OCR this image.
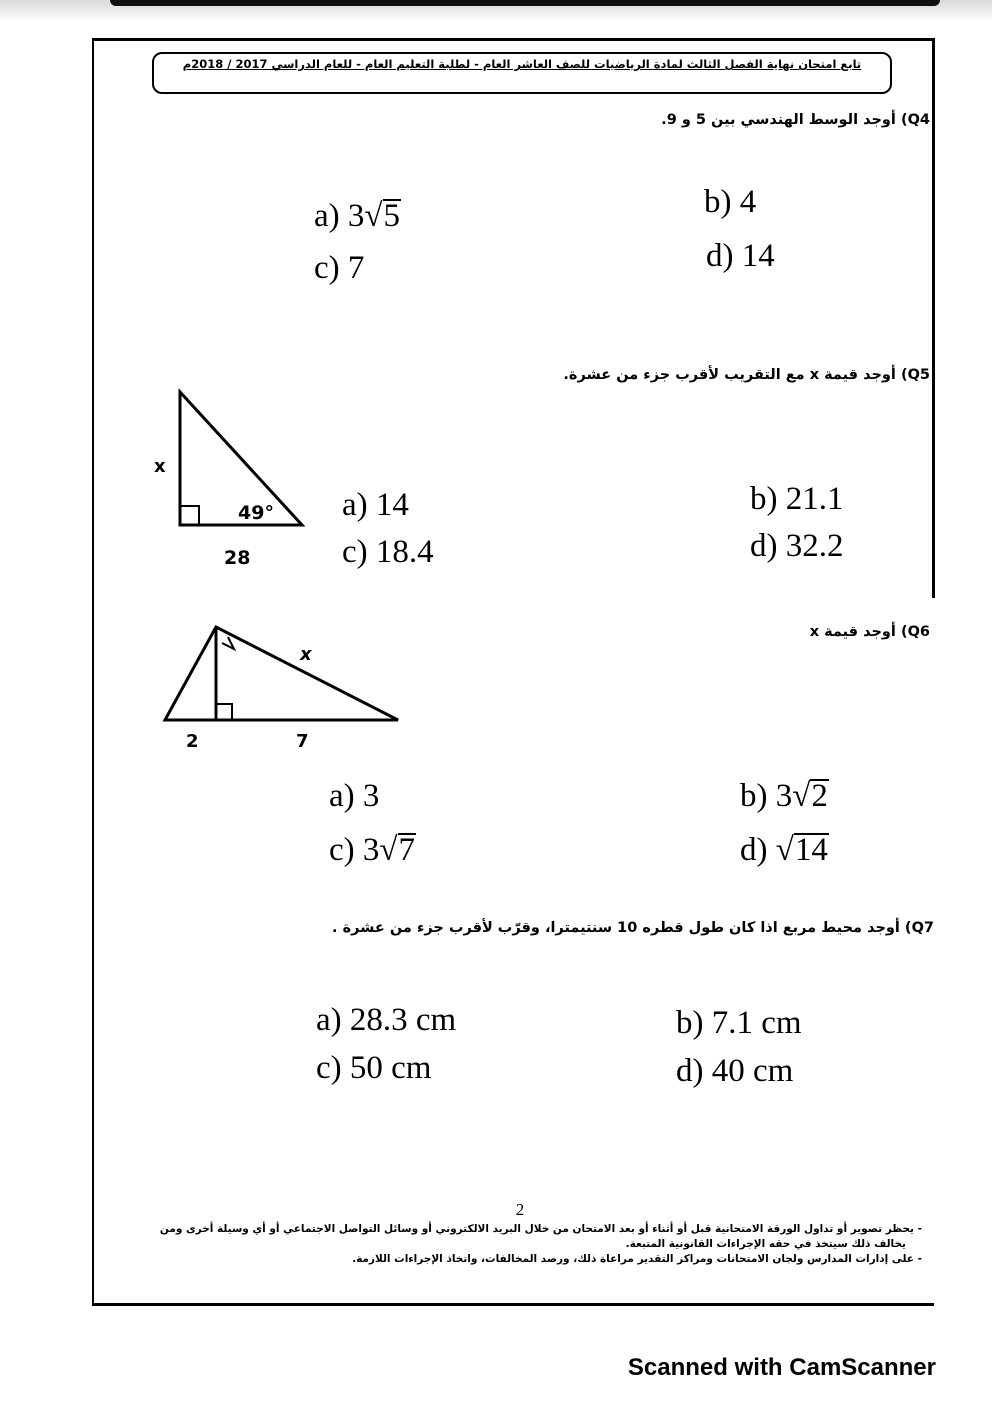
تابع امتحان نهاية الفصل الثالث لمادة الرياضيات للصف العاشر العام - لطلبة التعليم العام - للعام الدراسي 2017 / 2018م
Q4) أوجد الوسط الهندسي بين 5 و 9.
a) 3√5	b) 4
c) 7	d) 14
Q5) أوجد قيمة x مع التقريب لأقرب جزء من عشرة.
x
49°
28
a) 14	b) 21.1
c) 18.4	d) 32.2
Q6) أوجد قيمة x
x
2	7
a) 3	b) 3√2
c) 3√7	d) √14
Q7) أوجد محيط مربع اذا كان طول قطره 10 سنتيمترا، وقرّب لأقرب جزء من عشرة .
a) 28.3 cm	b) 7.1 cm
c) 50 cm	d) 40 cm
2

- يحظر تصوير أو تداول الورقة الامتحانية قبل أو أثناء أو بعد الامتحان من خلال البريد الالكتروني أو وسائل التواصل الاجتماعي أو أي وسيلة أخرى ومن

يخالف ذلك سيتخذ في حقه الإجراءات القانونية المتبعة.

- على إدارات المدارس ولجان الامتحانات ومراكز التقدير مراعاة ذلك، ورصد المخالفات، واتخاذ الإجراءات اللازمة.

Scanned with CamScanner
